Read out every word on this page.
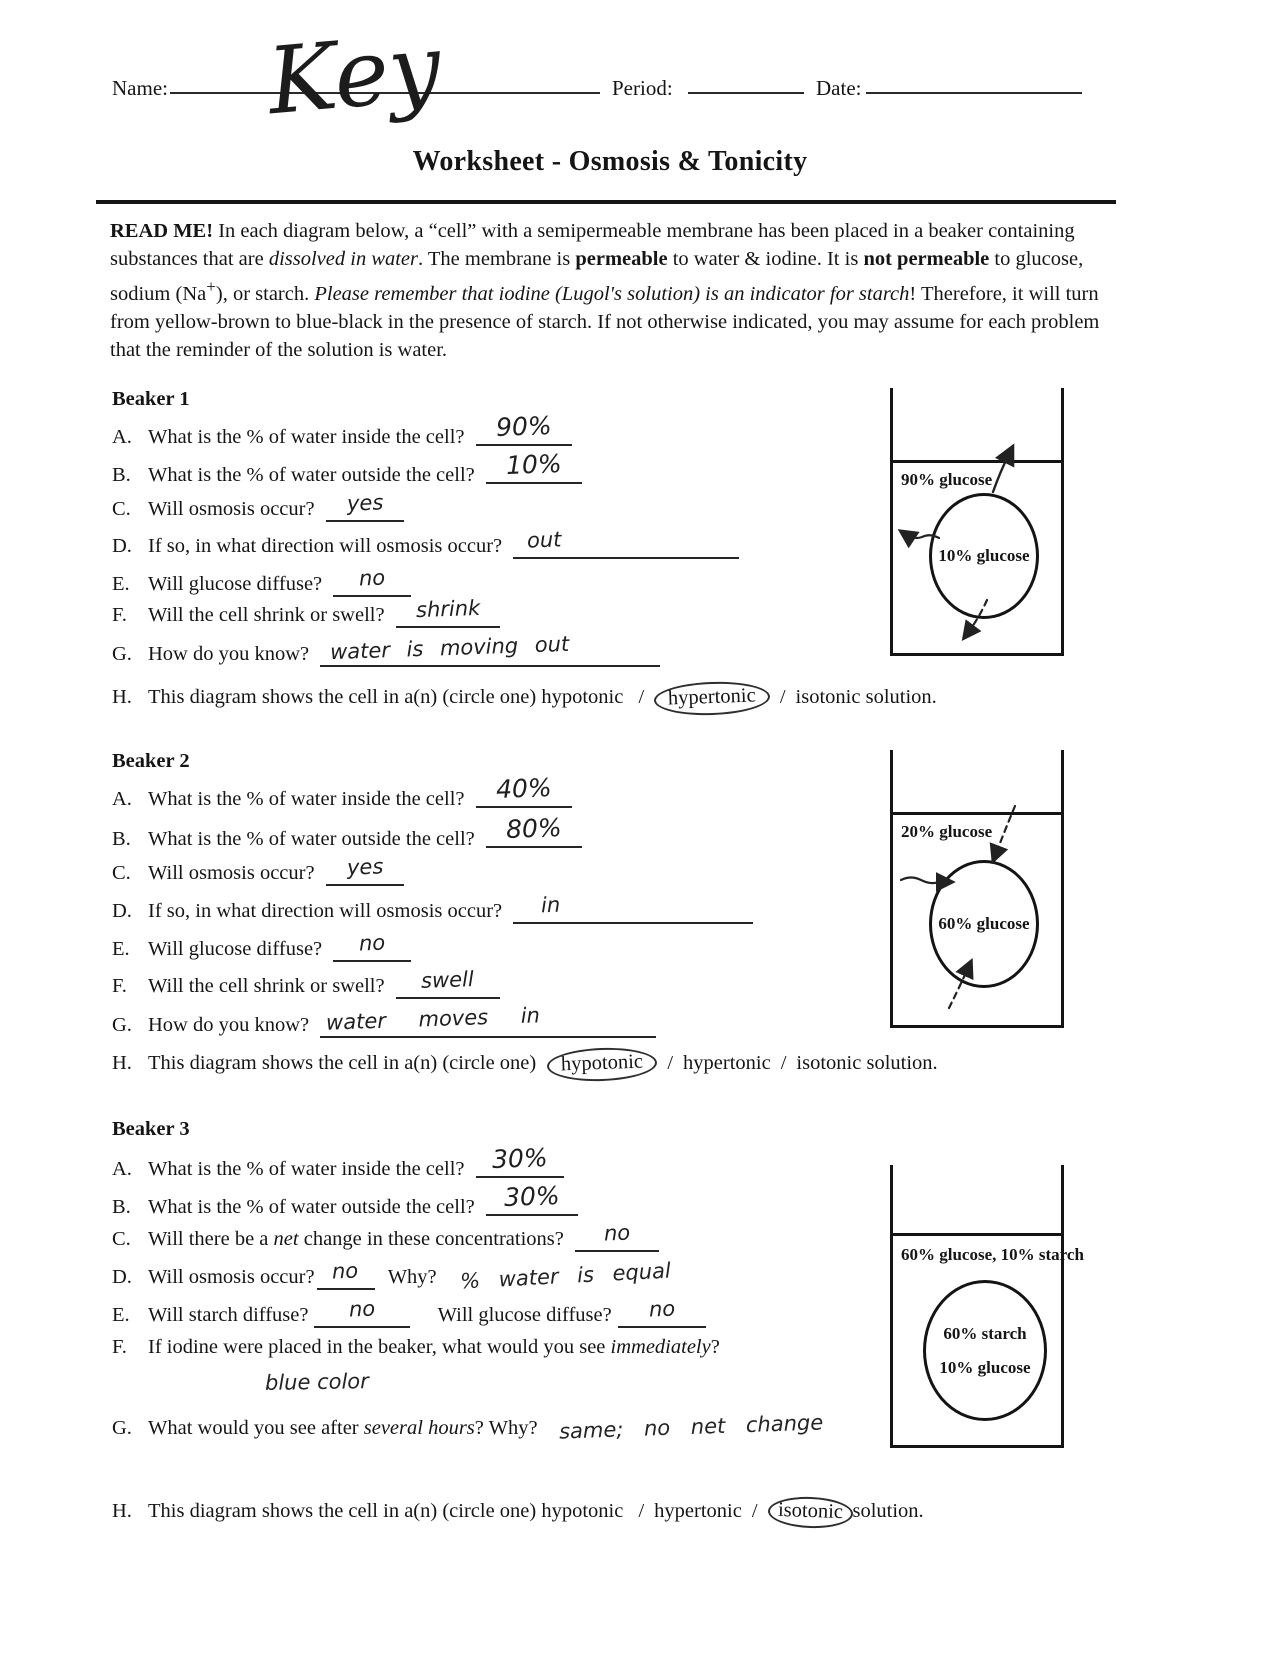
Name: Key	Period:	Date:
Worksheet - Osmosis & Tonicity
READ ME! In each diagram below, a “cell” with a semipermeable membrane has been placed in a beaker containing substances that are dissolved in water. The membrane is permeable to water & iodine. It is not permeable to glucose, sodium (Na+), or starch. Please remember that iodine (Lugol's solution) is an indicator for starch! Therefore, it will turn from yellow-brown to blue-black in the presence of starch. If not otherwise indicated, you may assume for each problem that the reminder of the solution is water.
Beaker 1
A. What is the % of water inside the cell? 90%
B. What is the % of water outside the cell? 10%
C. Will osmosis occur? yes
D. If so, in what direction will osmosis occur? out
E. Will glucose diffuse? no
F. Will the cell shrink or swell? shrink
G. How do you know? water is moving out
H. This diagram shows the cell in a(n) (circle one) hypotonic / hypertonic / isotonic solution.
90% glucose
10% glucose
Beaker 2
A. What is the % of water inside the cell? 40%
B. What is the % of water outside the cell? 80%
C. Will osmosis occur? yes
D. If so, in what direction will osmosis occur? in
E. Will glucose diffuse? no
F. Will the cell shrink or swell? swell
G. How do you know? water moves in
H. This diagram shows the cell in a(n) (circle one) hypotonic / hypertonic / isotonic solution.
20% glucose
60% glucose
Beaker 3
A. What is the % of water inside the cell? 30%
B. What is the % of water outside the cell? 30%
C. Will there be a net change in these concentrations? no
D. Will osmosis occur? no Why? % water is equal
E. Will starch diffuse? no	Will glucose diffuse? no
F. If iodine were placed in the beaker, what would you see immediately?
blue color
G. What would you see after several hours? Why? same; no net change
H. This diagram shows the cell in a(n) (circle one) hypotonic / hypertonic / isotonic solution.
60% glucose, 10% starch
60% starch
10% glucose
